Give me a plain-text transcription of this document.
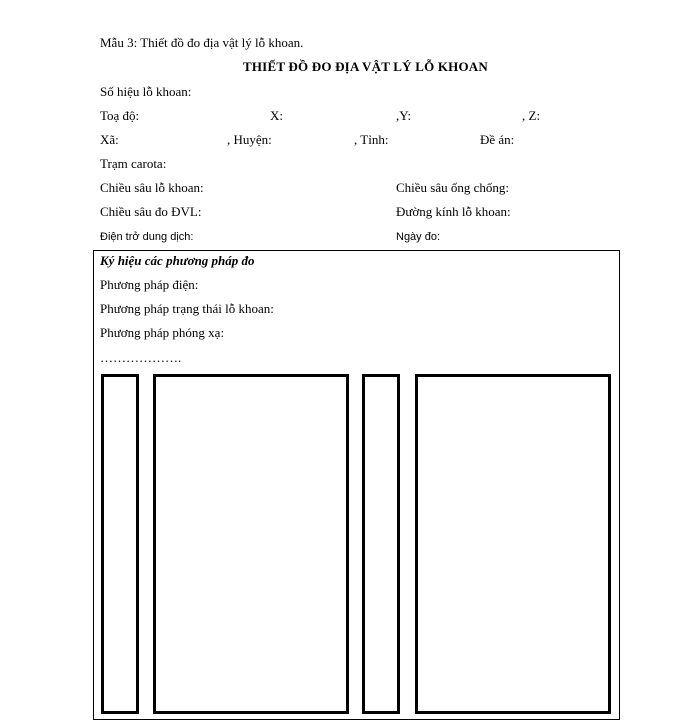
Mẫu 3: Thiết đồ đo địa vật lý lỗ khoan.
THIẾT ĐỒ ĐO ĐỊA VẬT LÝ LỖ KHOAN
Số hiệu lỗ khoan:
Toạ độ:	X:	,Y:	, Z:
Xã:	, Huyện:	, Tỉnh:	Đề án:
Trạm carota:
Chiều sâu lỗ khoan:	Chiều sâu ống chống:
Chiều sâu đo ĐVL:	Đường kính lỗ khoan:
Điện trở dung dịch:	Ngày đo:
Ký hiệu các phương pháp đo
Phương pháp điện:
Phương pháp trạng thái lỗ khoan:
Phương pháp phóng xạ:
……………….
